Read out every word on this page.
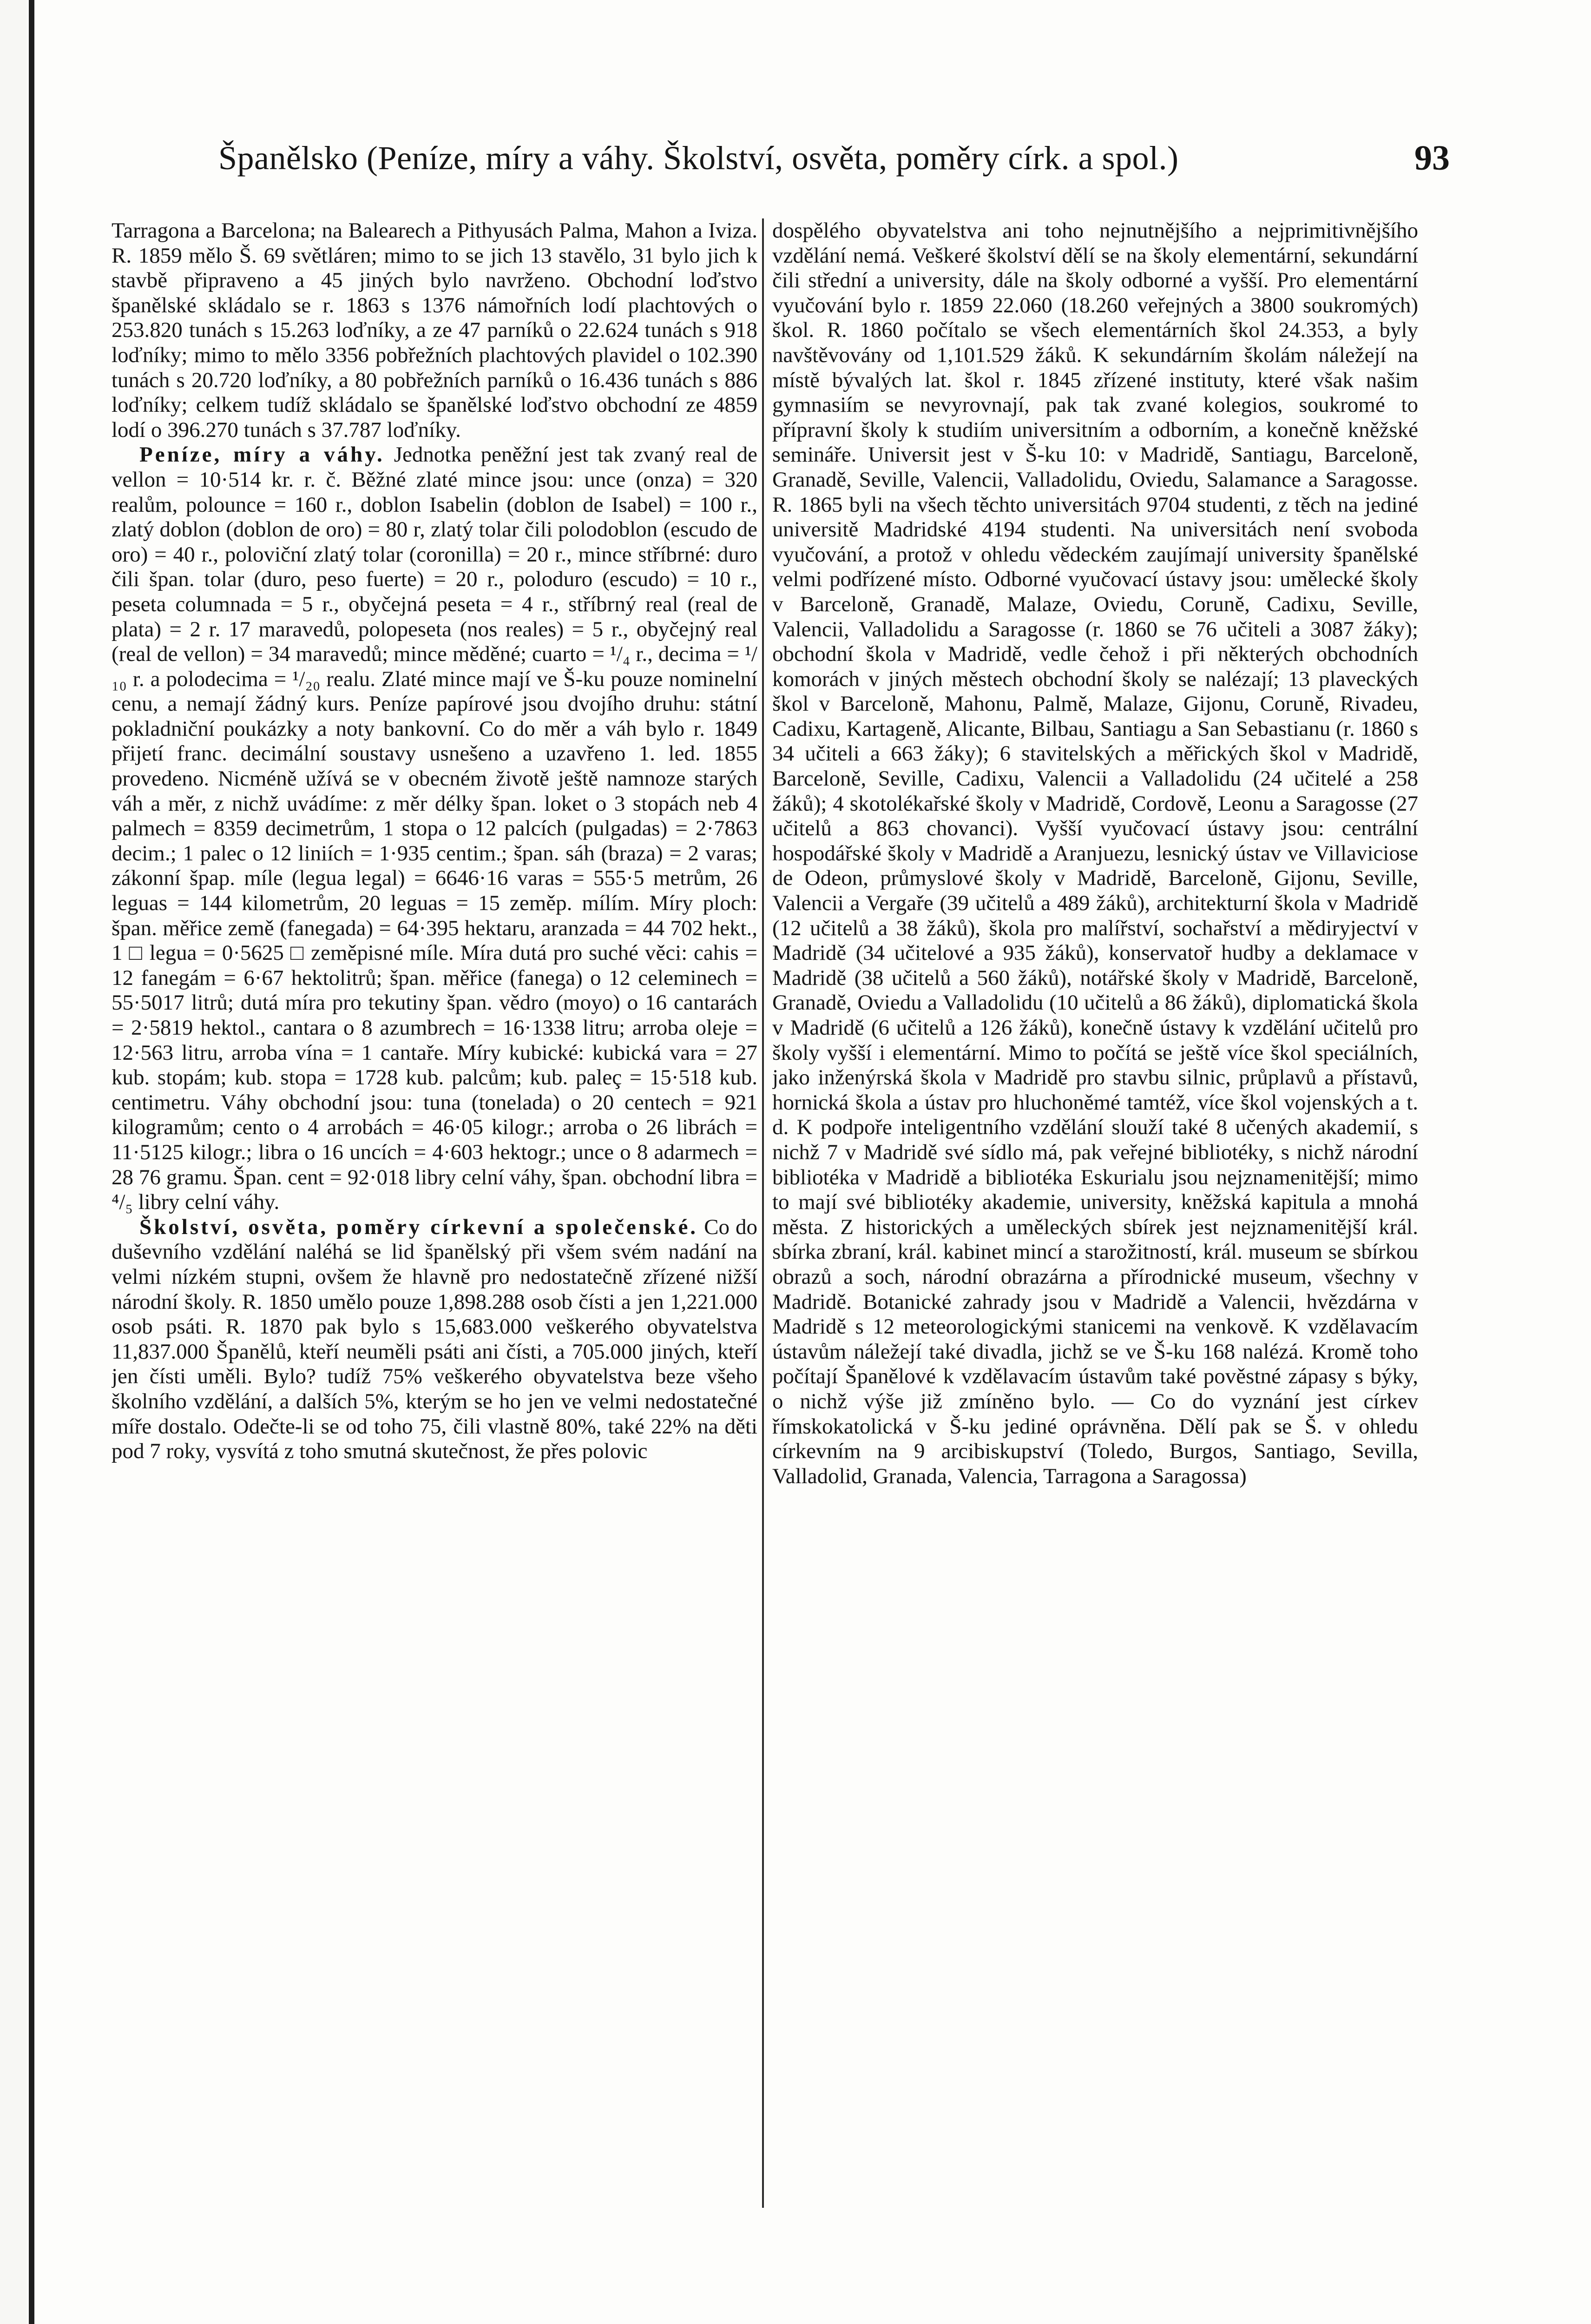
Španělsko (Peníze, míry a váhy. Školství, osvěta, poměry círk. a spol.)	93

Tarragona a Barcelona; na Balearech a Pithyusách Palma, Mahon a Iviza. R. 1859 mělo Š. 69 světláren; mimo to se jich 13 stavělo, 31 bylo jich k stavbě připraveno a 45 jiných bylo navrženo. Obchodní loďstvo španělské skládalo se r. 1863 s 1376 námořních lodí plachtových o 253.820 tunách s 15.263 loďníky, a ze 47 parníků o 22.624 tunách s 918 loďníky; mimo to mělo 3356 pobřežních plachtových plavidel o 102.390 tunách s 20.720 loďníky, a 80 pobřežních parníků o 16.436 tunách s 886 loďníky; celkem tudíž skládalo se španělské loďstvo obchodní ze 4859 lodí o 396.270 tunách s 37.787 loďníky.

Peníze, míry a váhy. Jednotka peněžní jest tak zvaný real de vellon = 10·514 kr. r. č. Běžné zlaté mince jsou: unce (onza) = 320 realům, polounce = 160 r., doblon Isabelin (doblon de Isabel) = 100 r., zlatý doblon (doblon de oro) = 80 r, zlatý tolar čili polodoblon (escudo de oro) = 40 r., poloviční zlatý tolar (coronilla) = 20 r., mince stříbrné: duro čili špan. tolar (duro, peso fuerte) = 20 r., poloduro (escudo) = 10 r., peseta columnada = 5 r., obyčejná peseta = 4 r., stříbrný real (real de plata) = 2 r. 17 maravedů, polopeseta (nos reales) = 5 r., obyčejný real (real de vellon) = 34 maravedů; mince měděné; cuarto = ¹/₄ r., decima = ¹/₁₀ r. a polodecima = ¹/₂₀ realu. Zlaté mince mají ve Š-ku pouze nominelní cenu, a nemají žádný kurs. Peníze papírové jsou dvojího druhu: státní pokladniční poukázky a noty bankovní. Co do měr a váh bylo r. 1849 přijetí franc. decimální soustavy usnešeno a uzavřeno 1. led. 1855 provedeno. Nicméně užívá se v obecném životě ještě namnoze starých váh a měr, z nichž uvádíme: z měr délky špan. loket o 3 stopách neb 4 palmech = 8359 decimetrům, 1 stopa o 12 palcích (pulgadas) = 2·7863 decim.; 1 palec o 12 liniích = 1·935 centim.; špan. sáh (braza) = 2 varas; zákonní špap. míle (legua legal) = 6646·16 varas = 555·5 metrům, 26 leguas = 144 kilometrům, 20 leguas = 15 zeměp. mílím. Míry ploch: špan. měřice země (fanegada) = 64·395 hektaru, aranzada = 44 702 hekt., 1 □ legua = 0·5625 □ zeměpisné míle. Míra dutá pro suché věci: cahis = 12 fanegám = 6·67 hektolitrů; špan. měřice (fanega) o 12 celeminech = 55·5017 litrů; dutá míra pro tekutiny špan. vědro (moyo) o 16 cantarách = 2·5819 hektol., cantara o 8 azumbrech = 16·1338 litru; arroba oleje = 12·563 litru, arroba vína = 1 cantaře. Míry kubické: kubická vara = 27 kub. stopám; kub. stopa = 1728 kub. palcům; kub. paleç = 15·518 kub. centimetru. Váhy obchodní jsou: tuna (tonelada) o 20 centech = 921 kilogramům; cento o 4 arrobách = 46·05 kilogr.; arroba o 26 librách = 11·5125 kilogr.; libra o 16 uncích = 4·603 hektogr.; unce o 8 adarmech = 28 76 gramu. Špan. cent = 92·018 libry celní váhy, špan. obchodní libra = ⁴/₅ libry celní váhy.

Školství, osvěta, poměry církevní a společenské. Co do duševního vzdělání naléhá se lid španělský při všem svém nadání na velmi nízkém stupni, ovšem že hlavně pro nedostatečně zřízené nižší národní školy. R. 1850 umělo pouze 1,898.288 osob čísti a jen 1,221.000 osob psáti. R. 1870 pak bylo s 15,683.000 veškerého obyvatelstva 11,837.000 Španělů, kteří neuměli psáti ani čísti, a 705.000 jiných, kteří jen čísti uměli. Bylo? tudíž 75% veškerého obyvatelstva beze všeho školního vzdělání, a dalších 5%, kterým se ho jen ve velmi nedostatečné míře dostalo. Odečte-li se od toho 75, čili vlastně 80%, také 22% na děti pod 7 roky, vysvítá z toho smutná skutečnost, že přes polovic

dospělého obyvatelstva ani toho nejnutnějšího a nejprimitivnějšího vzdělání nemá. Veškeré školství dělí se na školy elementární, sekundární čili střední a university, dále na školy odborné a vyšší. Pro elementární vyučování bylo r. 1859 22.060 (18.260 veřejných a 3800 soukromých) škol. R. 1860 počítalo se všech elementárních škol 24.353, a byly navštěvovány od 1,101.529 žáků. K sekundárním školám náležejí na místě bývalých lat. škol r. 1845 zřízené instituty, které však našim gymnasiím se nevyrovnají, pak tak zvané kolegios, soukromé to přípravní školy k studiím universitním a odborním, a konečně kněžské semináře. Universit jest v Š-ku 10: v Madridě, Santiagu, Barceloně, Granadě, Seville, Valencii, Valladolidu, Oviedu, Salamance a Saragosse. R. 1865 byli na všech těchto universitách 9704 studenti, z těch na jediné universitě Madridské 4194 studenti. Na universitách není svoboda vyučování, a protož v ohledu vědeckém zaujímají university španělské velmi podřízené místo. Odborné vyučovací ústavy jsou: umělecké školy v Barceloně, Granadě, Malaze, Oviedu, Coruně, Cadixu, Seville, Valencii, Valladolidu a Saragosse (r. 1860 se 76 učiteli a 3087 žáky); obchodní škola v Madridě, vedle čehož i při některých obchodních komorách v jiných městech obchodní školy se nalézají; 13 plaveckých škol v Barceloně, Mahonu, Palmě, Malaze, Gijonu, Coruně, Rivadeu, Cadixu, Kartageně, Alicante, Bilbau, Santiagu a San Sebastianu (r. 1860 s 34 učiteli a 663 žáky); 6 stavitelských a měřických škol v Madridě, Barceloně, Seville, Cadixu, Valencii a Valladolidu (24 učitelé a 258 žáků); 4 skotolékařské školy v Madridě, Cordově, Leonu a Saragosse (27 učitelů a 863 chovanci). Vyšší vyučovací ústavy jsou: centrální hospodářské školy v Madridě a Aranjuezu, lesnický ústav ve Villaviciose de Odeon, průmyslové školy v Madridě, Barceloně, Gijonu, Seville, Valencii a Vergaře (39 učitelů a 489 žáků), architekturní škola v Madridě (12 učitelů a 38 žáků), škola pro malířství, sochařství a mědiryjectví v Madridě (34 učitelové a 935 žáků), konservatoř hudby a deklamace v Madridě (38 učitelů a 560 žáků), notářské školy v Madridě, Barceloně, Granadě, Oviedu a Valladolidu (10 učitelů a 86 žáků), diplomatická škola v Madridě (6 učitelů a 126 žáků), konečně ústavy k vzdělání učitelů pro školy vyšší i elementární. Mimo to počítá se ještě více škol speciálních, jako inženýrská škola v Madridě pro stavbu silnic, průplavů a přístavů, hornická škola a ústav pro hluchoněmé tamtéž, více škol vojenských a t. d. K podpoře inteligentního vzdělání slouží také 8 učených akademií, s nichž 7 v Madridě své sídlo má, pak veřejné bibliotéky, s nichž národní bibliotéka v Madridě a bibliotéka Eskurialu jsou nejznamenitější; mimo to mají své bibliotéky akademie, university, kněžská kapitula a mnohá města. Z historických a uměleckých sbírek jest nejznamenitější král. sbírka zbraní, král. kabinet mincí a starožitností, král. museum se sbírkou obrazů a soch, národní obrazárna a přírodnické museum, všechny v Madridě. Botanické zahrady jsou v Madridě a Valencii, hvězdárna v Madridě s 12 meteorologickými stanicemi na venkově. K vzdělavacím ústavům náležejí také divadla, jichž se ve Š-ku 168 nalézá. Kromě toho počítají Španělové k vzdělavacím ústavům také pověstné zápasy s býky, o nichž výše již zmíněno bylo. — Co do vyznání jest církev římskokatolická v Š-ku jediné oprávněna. Dělí pak se Š. v ohledu církevním na 9 arcibiskupství (Toledo, Burgos, Santiago, Sevilla, Valladolid, Granada, Valencia, Tarragona a Saragossa)
